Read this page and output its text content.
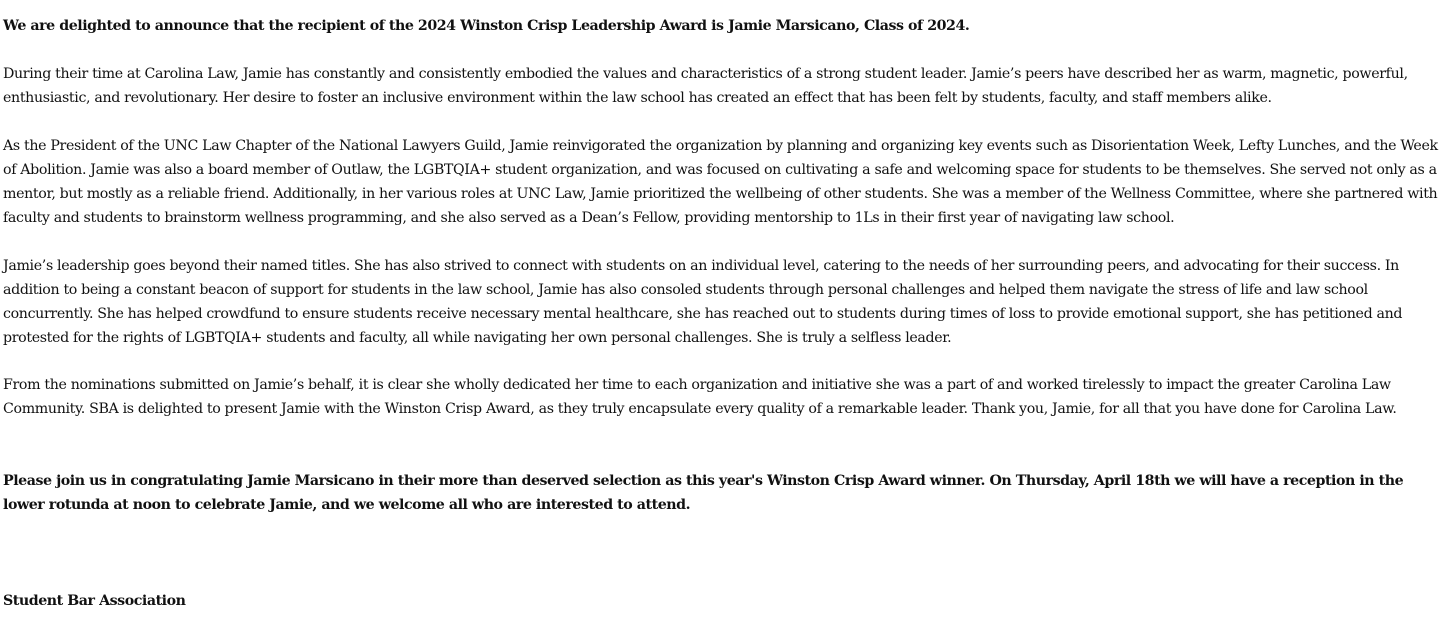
We are delighted to announce that the recipient of the 2024 Winston Crisp Leadership Award is Jamie Marsicano, Class of 2024.

During their time at Carolina Law, Jamie has constantly and consistently embodied the values and characteristics of a strong student leader. Jamie’s peers have described her as warm, magnetic, powerful, enthusiastic, and revolutionary. Her desire to foster an inclusive environment within the law school has created an effect that has been felt by students, faculty, and staff members alike.

As the President of the UNC Law Chapter of the National Lawyers Guild, Jamie reinvigorated the organization by planning and organizing key events such as Disorientation Week, Lefty Lunches, and the Week of Abolition. Jamie was also a board member of Outlaw, the LGBTQIA+ student organization, and was focused on cultivating a safe and welcoming space for students to be themselves. She served not only as a mentor, but mostly as a reliable friend. Additionally, in her various roles at UNC Law, Jamie prioritized the wellbeing of other students. She was a member of the Wellness Committee, where she partnered with faculty and students to brainstorm wellness programming, and she also served as a Dean’s Fellow, providing mentorship to 1Ls in their first year of navigating law school.

Jamie’s leadership goes beyond their named titles. She has also strived to connect with students on an individual level, catering to the needs of her surrounding peers, and advocating for their success. In addition to being a constant beacon of support for students in the law school, Jamie has also consoled students through personal challenges and helped them navigate the stress of life and law school concurrently. She has helped crowdfund to ensure students receive necessary mental healthcare, she has reached out to students during times of loss to provide emotional support, she has petitioned and protested for the rights of LGBTQIA+ students and faculty, all while navigating her own personal challenges. She is truly a selfless leader.

From the nominations submitted on Jamie’s behalf, it is clear she wholly dedicated her time to each organization and initiative she was a part of and worked tirelessly to impact the greater Carolina Law Community. SBA is delighted to present Jamie with the Winston Crisp Award, as they truly encapsulate every quality of a remarkable leader. Thank you, Jamie, for all that you have done for Carolina Law.

Please join us in congratulating Jamie Marsicano in their more than deserved selection as this year's Winston Crisp Award winner. On Thursday, April 18th we will have a reception in the lower rotunda at noon to celebrate Jamie, and we welcome all who are interested to attend.

Student Bar Association
